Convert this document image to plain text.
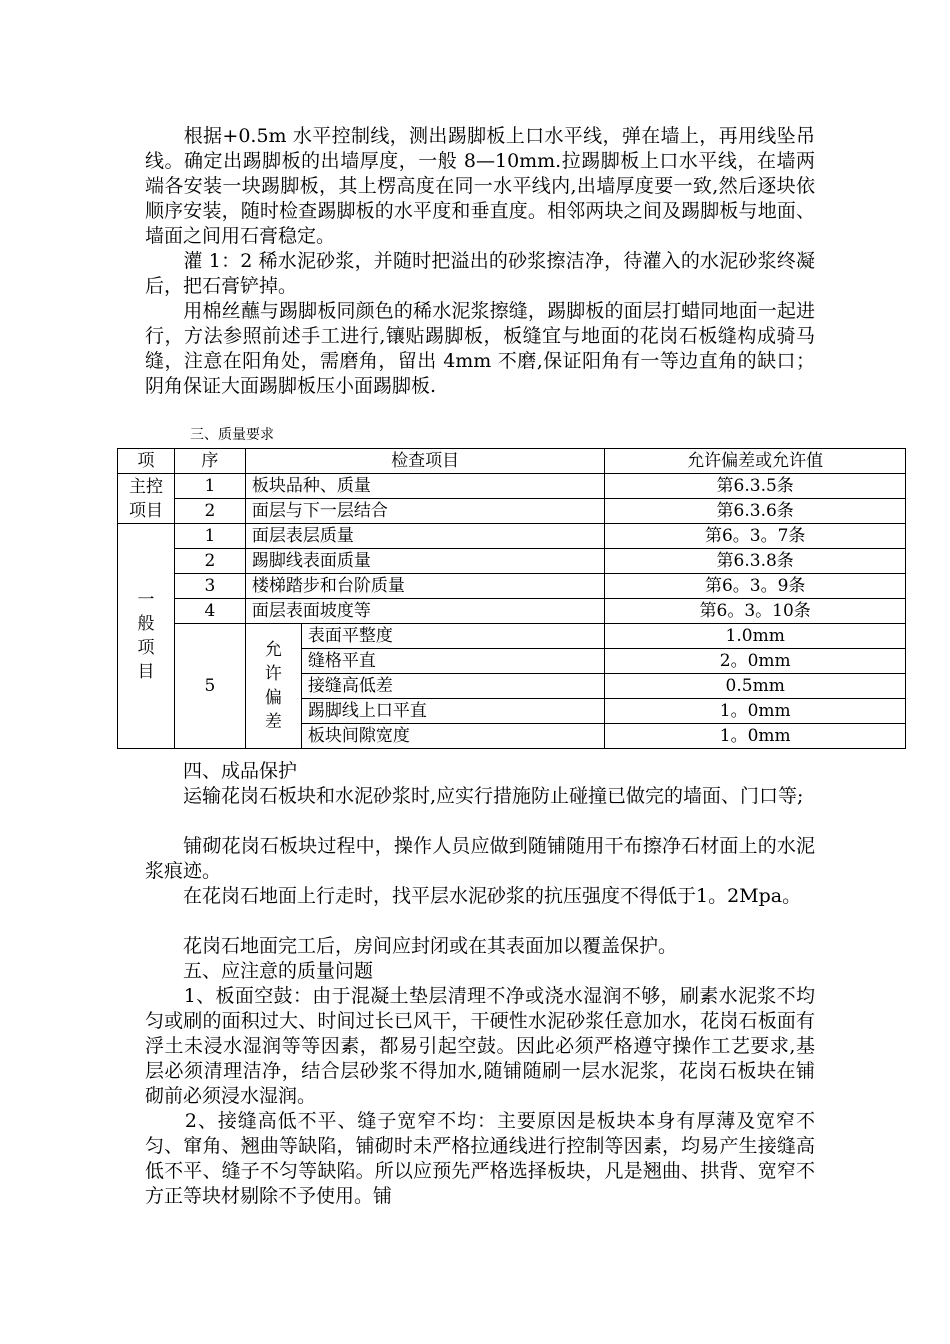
　　根据+0.5m 水平控制线，测出踢脚板上口水平线，弹在墙上，再用线坠吊线。确定出踢脚板的出墙厚度，一般 8—10mm.拉踢脚板上口水平线，在墙两端各安装一块踢脚板，其上楞高度在同一水平线内,出墙厚度要一致,然后逐块依顺序安装，随时检查踢脚板的水平度和垂直度。相邻两块之间及踢脚板与地面、墙面之间用石膏稳定。

　　灌 1：2 稀水泥砂浆，并随时把溢出的砂浆擦洁净，待灌入的水泥砂浆终凝后，把石膏铲掉。

　　用棉丝蘸与踢脚板同颜色的稀水泥浆擦缝，踢脚板的面层打蜡同地面一起进行，方法参照前述手工进行,镶贴踢脚板，板缝宜与地面的花岗石板缝构成骑马缝，注意在阳角处，需磨角，留出 4mm 不磨,保证阳角有一等边直角的缺口；阴角保证大面踢脚板压小面踢脚板.

三、质量要求
项	序	检查项目		允许偏差或允许值
主控项目	1	板块品种、质量		第6.3.5条
	2	面层与下一层结合		第6.3.6条
一般项目	1	面层表层质量		第6。3。7条
	2	踢脚线表面质量		第6.3.8条
	3	楼梯踏步和台阶质量		第6。3。9条
	4	面层表面坡度等		第6。3。10条
	5	允许偏差	表面平整度	1.0mm
			缝格平直	2。0mm
			接缝高低差	0.5mm
			踢脚线上口平直	1。0mm
			板块间隙宽度	1。0mm

　　四、成品保护

　　运输花岗石板块和水泥砂浆时,应实行措施防止碰撞已做完的墙面、门口等;

　　铺砌花岗石板块过程中，操作人员应做到随铺随用干布擦净石材面上的水泥浆痕迹。

　　在花岗石地面上行走时，找平层水泥砂浆的抗压强度不得低于1。2Mpa。

　　花岗石地面完工后，房间应封闭或在其表面加以覆盖保护。

　　五、应注意的质量问题

　　1、板面空鼓：由于混凝土垫层清理不净或浇水湿润不够，刷素水泥浆不均匀或刷的面积过大、时间过长已风干，干硬性水泥砂浆任意加水，花岗石板面有浮土未浸水湿润等等因素，都易引起空鼓。因此必须严格遵守操作工艺要求,基层必须清理洁净，结合层砂浆不得加水,随铺随刷一层水泥浆，花岗石板块在铺砌前必须浸水湿润。

　　2、接缝高低不平、缝子宽窄不均：主要原因是板块本身有厚薄及宽窄不匀、窜角、翘曲等缺陷，铺砌时未严格拉通线进行控制等因素，均易产生接缝高低不平、缝子不匀等缺陷。所以应预先严格选择板块，凡是翘曲、拱背、宽窄不方正等块材剔除不予使用。铺
